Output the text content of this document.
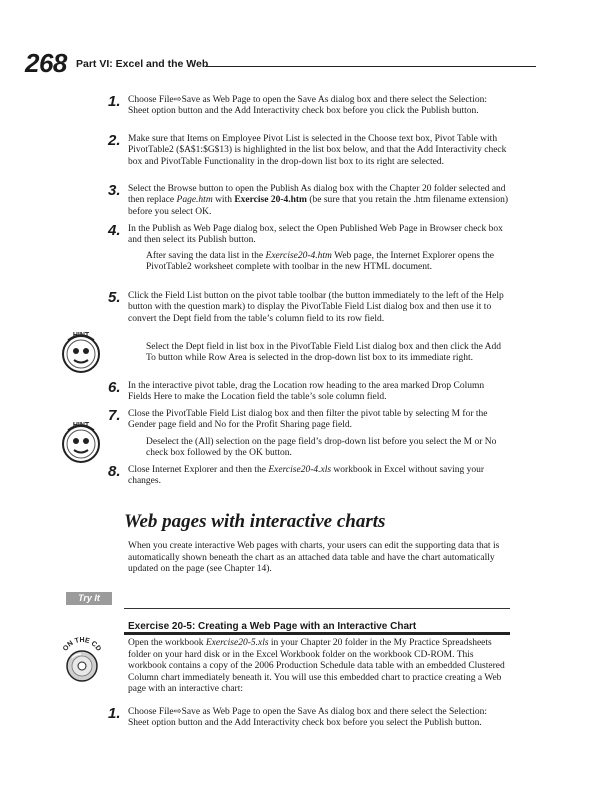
268 Part VI: Excel and the Web
1. Choose File⇨Save as Web Page to open the Save As dialog box and there select the Selection: Sheet option button and the Add Interactivity check box before you click the Publish button.

2. Make sure that Items on Employee Pivot List is selected in the Choose text box, Pivot Table with PivotTable2 ($A$1:$G$13) is highlighted in the list box below, and that the Add Interactivity check box and PivotTable Functionality in the drop-down list box to its right are selected.

3. Select the Browse button to open the Publish As dialog box with the Chapter 20 folder selected and then replace Page.htm with Exercise 20-4.htm (be sure that you retain the .htm filename extension) before you select OK.

4. In the Publish as Web Page dialog box, select the Open Published Web Page in Browser check box and then select its Publish button.

After saving the data list in the Exercise20-4.htm Web page, the Internet Explorer opens the PivotTable2 worksheet complete with toolbar in the new HTML document.

5. Click the Field List button on the pivot table toolbar (the button immediately to the left of the Help button with the question mark) to display the PivotTable Field List dialog box and then use it to convert the Dept field from the table’s column field to its row field.

Select the Dept field in list box in the PivotTable Field List dialog box and then click the Add To button while Row Area is selected in the drop-down list box to its immediate right.

HINT
6. In the interactive pivot table, drag the Location row heading to the area marked Drop Column Fields Here to make the Location field the table’s sole column field.

7. Close the PivotTable Field List dialog box and then filter the pivot table by selecting M for the Gender page field and No for the Profit Sharing page field.

Deselect the (All) selection on the page field’s drop-down list before you select the M or No check box followed by the OK button.

HINT
8. Close Internet Explorer and then the Exercise20-4.xls workbook in Excel without saving your changes.

Web pages with interactive charts

When you create interactive Web pages with charts, your users can edit the supporting data that is automatically shown beneath the chart as an attached data table and have the chart automatically updated on the page (see Chapter 14).

Try It
Exercise 20-5: Creating a Web Page with an Interactive Chart
ON THE CD

Open the workbook Exercise20-5.xls in your Chapter 20 folder in the My Practice Spreadsheets folder on your hard disk or in the Excel Workbook folder on the workbook CD-ROM. This workbook contains a copy of the 2006 Production Schedule data table with an embedded Clustered Column chart immediately beneath it. You will use this embedded chart to practice creating a Web page with an interactive chart:

1. Choose File⇨Save as Web Page to open the Save As dialog box and there select the Selection: Sheet option button and the Add Interactivity check box before you select the Publish button.
